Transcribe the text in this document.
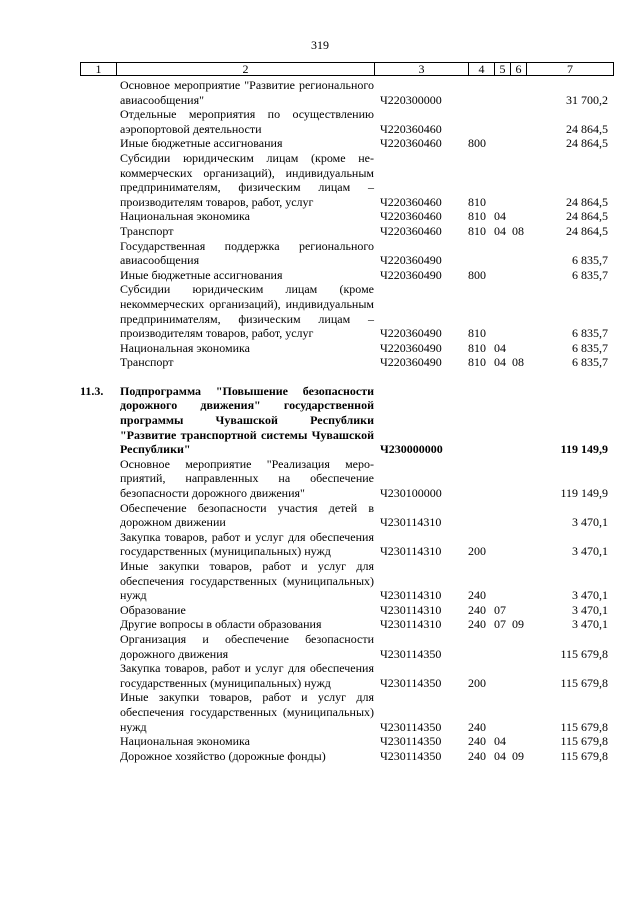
319
1	2	3	4	5 6	7
Основное мероприятие "Развитие регионального авиасообщения"	Ч220300000	31 700,2
Отдельные мероприятия по осуществлению аэропортовой деятельности	Ч220360460	24 864,5
Иные бюджетные ассигнования	Ч220360460 800	24 864,5
Субсидии юридическим лицам (кроме некоммерческих организаций), индивидуальным предпринимателям, физическим лицам – производителям товаров, работ, услуг	Ч220360460 810	24 864,5
Национальная экономика	Ч220360460 810 04	24 864,5
Транспорт	Ч220360460 810 04 08	24 864,5
Государственная поддержка регионального авиасообщения	Ч220360490	6 835,7
Иные бюджетные ассигнования	Ч220360490 800	6 835,7
Субсидии юридическим лицам (кроме некоммерческих организаций), индивидуальным предпринимателям, физическим лицам – производителям товаров, работ, услуг	Ч220360490 810	6 835,7
Национальная экономика	Ч220360490 810 04	6 835,7
Транспорт	Ч220360490 810 04 08	6 835,7
11.3.	Подпрограмма "Повышение безопасности дорожного движения" государственной программы Чувашской Республики "Развитие транспортной системы Чувашской Республики"	Ч230000000	119 149,9
Основное мероприятие "Реализация мероприятий, направленных на обеспечение безопасности дорожного движения"	Ч230100000	119 149,9
Обеспечение безопасности участия детей в дорожном движении	Ч230114310	3 470,1
Закупка товаров, работ и услуг для обеспечения государственных (муниципальных) нужд	Ч230114310 200	3 470,1
Иные закупки товаров, работ и услуг для обеспечения государственных (муниципальных) нужд	Ч230114310 240	3 470,1
Образование	Ч230114310 240 07	3 470,1
Другие вопросы в области образования	Ч230114310 240 07 09	3 470,1
Организация и обеспечение безопасности дорожного движения	Ч230114350	115 679,8
Закупка товаров, работ и услуг для обеспечения государственных (муниципальных) нужд	Ч230114350 200	115 679,8
Иные закупки товаров, работ и услуг для обеспечения государственных (муниципальных) нужд	Ч230114350 240	115 679,8
Национальная экономика	Ч230114350 240 04	115 679,8
Дорожное хозяйство (дорожные фонды)	Ч230114350 240 04 09	115 679,8
